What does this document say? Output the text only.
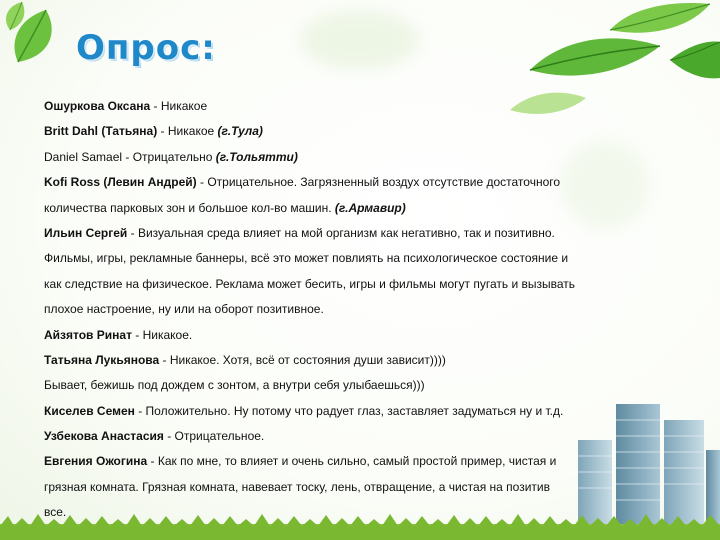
Опрос:
Ошуркова Оксана - Никакое
Britt Dahl (Татьяна) - Никакое (г.Тула)
Daniel Samael - Отрицательно (г.Тольятти)
Kofi Ross (Левин Андрей) - Отрицательное. Загрязненный воздух отсутствие достаточного
количества парковых зон и большое кол-во машин. (г.Армавир)
Ильин Сергей - Визуальная среда влияет на мой организм как негативно, так и позитивно.
Фильмы, игры, рекламные баннеры, всё это может повлиять на психологическое состояние и
как следствие на физическое. Реклама может бесить, игры и фильмы могут пугать и вызывать
плохое настроение, ну или на оборот позитивное.
Айзятов Ринат - Никакое.
Татьяна Лукьянова - Никакое. Хотя, всё от состояния души зависит))))
Бывает, бежишь под дождем с зонтом, а внутри себя улыбаешься)))
Киселев Семен - Положительно. Ну потому что радует глаз, заставляет задуматься ну и т.д.
Узбекова Анастасия - Отрицательное.
Евгения Ожогина - Как по мне, то влияет и очень сильно, самый простой пример, чистая и
грязная комната. Грязная комната, навевает тоску, лень, отвращение, а чистая на позитив
все.
